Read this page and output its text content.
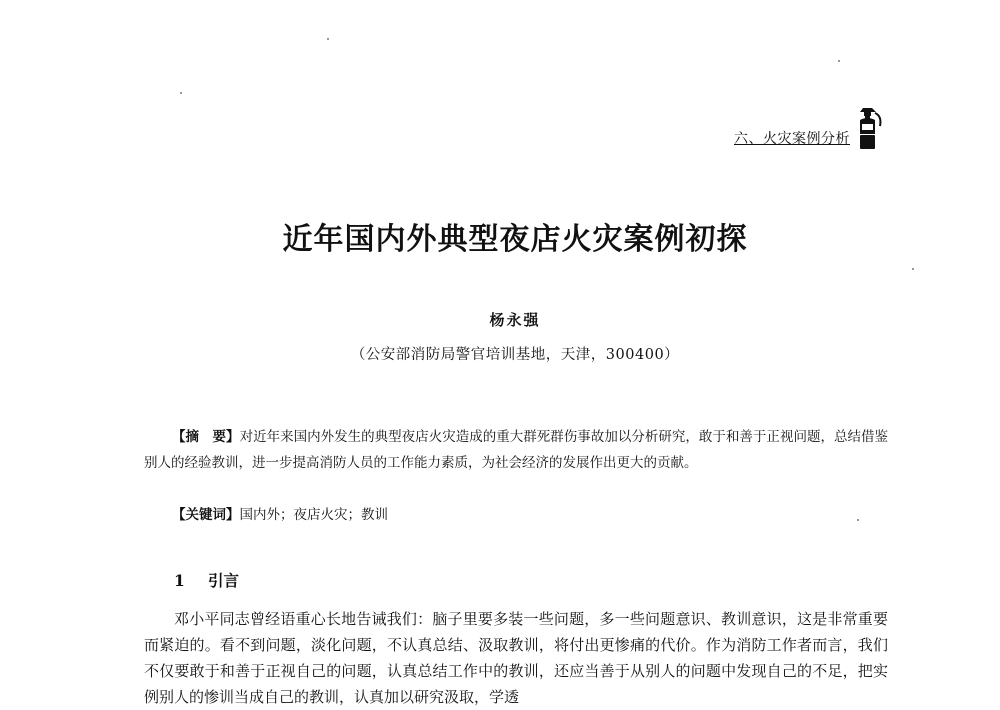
六、火灾案例分析
近年国内外典型夜店火灾案例初探
杨永强
（公安部消防局警官培训基地，天津，300400）

【摘　要】对近年来国内外发生的典型夜店火灾造成的重大群死群伤事故加以分析研究，敢于和善于正视问题，总结借鉴别人的经验教训，进一步提高消防人员的工作能力素质，为社会经济的发展作出更大的贡献。

【关键词】国内外；夜店火灾；教训
1 引言

邓小平同志曾经语重心长地告诫我们：脑子里要多装一些问题，多一些问题意识、教训意识，这是非常重要而紧迫的。看不到问题，淡化问题，不认真总结、汲取教训，将付出更惨痛的代价。作为消防工作者而言，我们不仅要敢于和善于正视自己的问题，认真总结工作中的教训，还应当善于从别人的问题中发现自己的不足，把实例别人的惨训当成自己的教训，认真加以研究汲取，学透
